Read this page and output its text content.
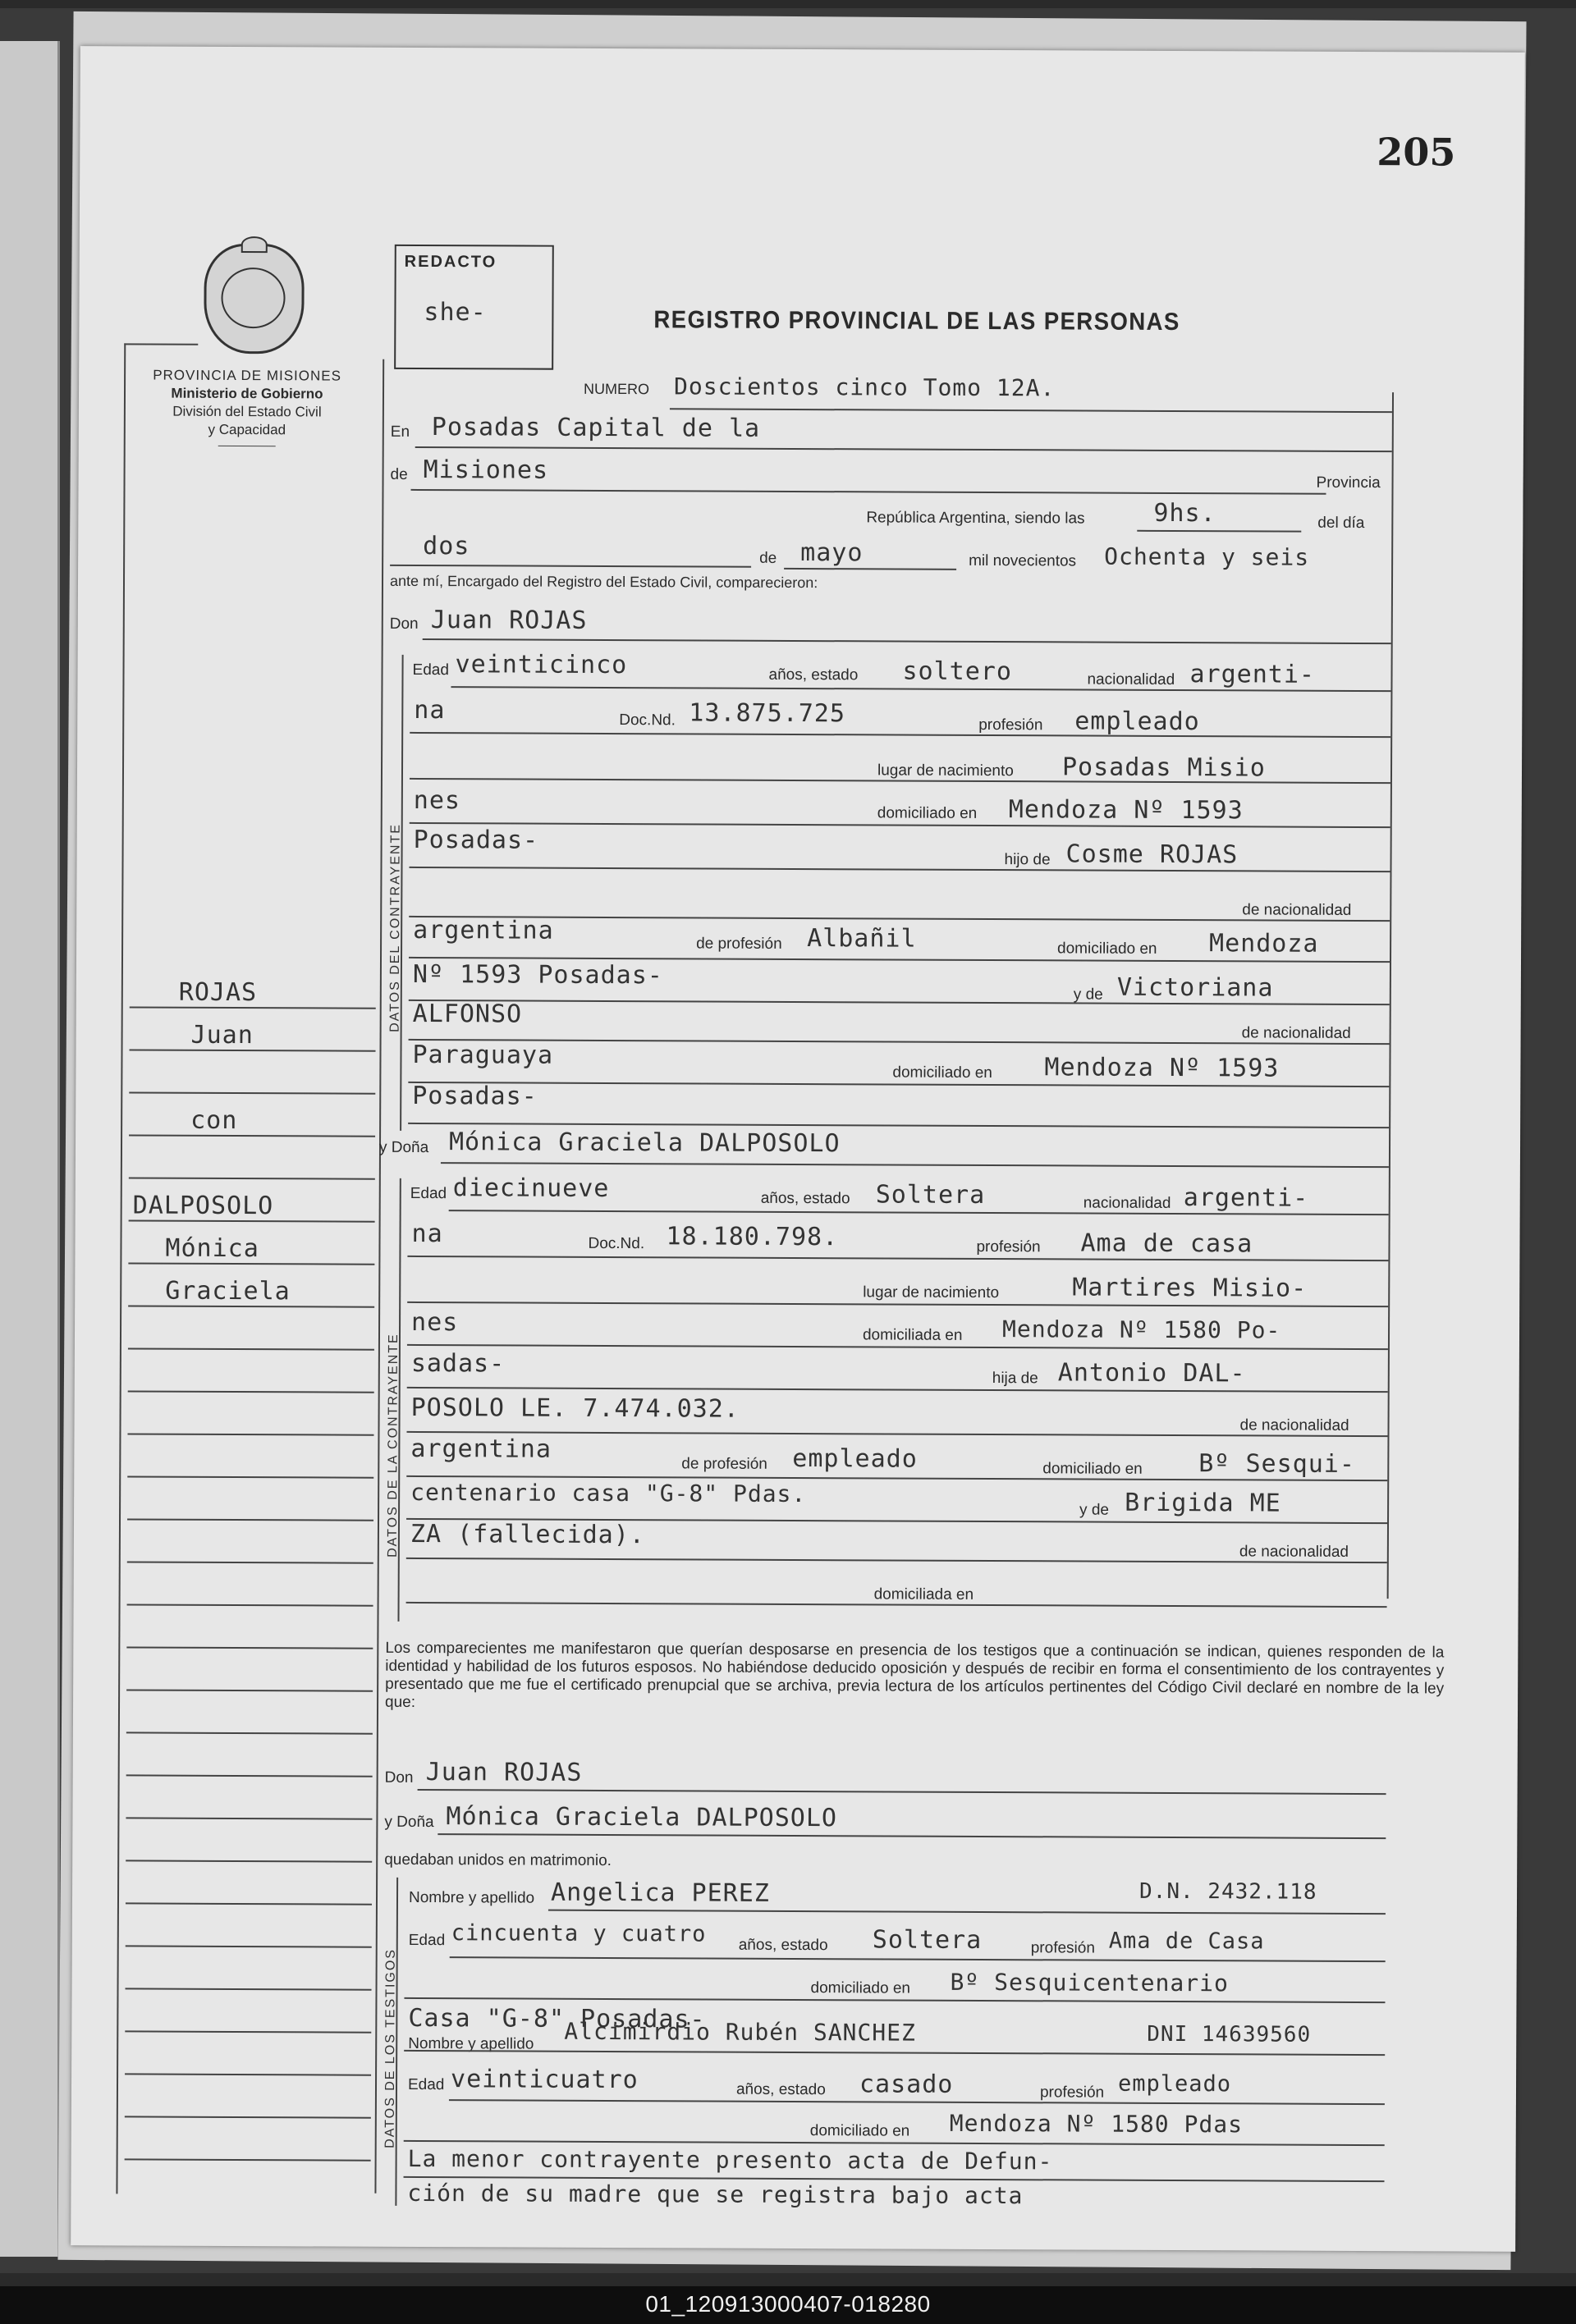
205
PROVINCIA DE MISIONES
Ministerio de Gobierno
División del Estado Civil
y Capacidad
ROJAS
Juan
con
DALPOSOLO
Mónica
Graciela
REDACTO
she-	REGISTRO PROVINCIAL DE LAS PERSONAS
NUMERO Doscientos cinco Tomo 12A.
En Posadas Capital de la
de Misiones	Provincia
República Argentina, siendo las	9hs.	del día
dos	de mayo	mil novecientos Ochenta y seis
ante mí, Encargado del Registro del Estado Civil, comparecieron:
Don Juan ROJAS
DATOS DEL CONTRAYENTE
Edad veinticinco	años, estado soltero	nacionalidad argenti-
na	Doc.Nd. 13.875.725	profesión empleado
lugar de nacimiento Posadas Misio
nes	domiciliado en Mendoza Nº 1593
Posadas-
hijo de Cosme ROJAS
de nacionalidad
argentina	de profesión Albañil	domiciliado en Mendoza
Nº 1593 Posadas-
y de Victoriana
ALFONSO
de nacionalidad
Paraguaya
domiciliado en Mendoza Nº 1593
Posadas-
y Doña Mónica Graciela DALPOSOLO
DATOS DE LA CONTRAYENTE
Edad diecinueve	años, estado Soltera	nacionalidad argenti-
na	Doc.Nd. 18.180.798.	profesión Ama de casa
lugar de nacimiento	Martires Misio-
nes	domiciliada en Mendoza Nº 1580 Po-
sadas-
hija de Antonio DAL-
POSOLO LE. 7.474.032.
de nacionalidad
argentina
de profesión empleado	domiciliado en Bº Sesqui-
centenario casa "G-8" Pdas.
y de Brigida ME
ZA (fallecida).
de nacionalidad
domiciliada en
Los comparecientes me manifestaron que querían desposarse en presencia de los testigos que a continuación se indican, quienes responden de la identidad y habilidad de los futuros esposos. No habiéndose deducido oposición y después de recibir en forma el consentimiento de los contrayentes y presentado que me fue el certificado prenupcial que se archiva, previa lectura de los artículos pertinentes del Código Civil declaré en nombre de la ley que:
Don Juan ROJAS
y Doña Mónica Graciela DALPOSOLO
quedaban unidos en matrimonio.
DATOS DE LOS TESTIGOS
Nombre y apellido Angelica PEREZ	D.N. 2432.118
Edad cincuenta y cuatro años, estado Soltera	profesión Ama de Casa
domiciliado en Bº Sesquicentenario
Casa "G-8" Posadas-
Nombre y apellido Alcimirdio Rubén SANCHEZ	DNI 14639560
Edad veinticuatro	años, estado casado	profesión empleado
domiciliado en Mendoza Nº 1580 Pdas
La menor contrayente presento acta de Defun-
ción de su madre que se registra bajo acta
01_120913000407-018280
